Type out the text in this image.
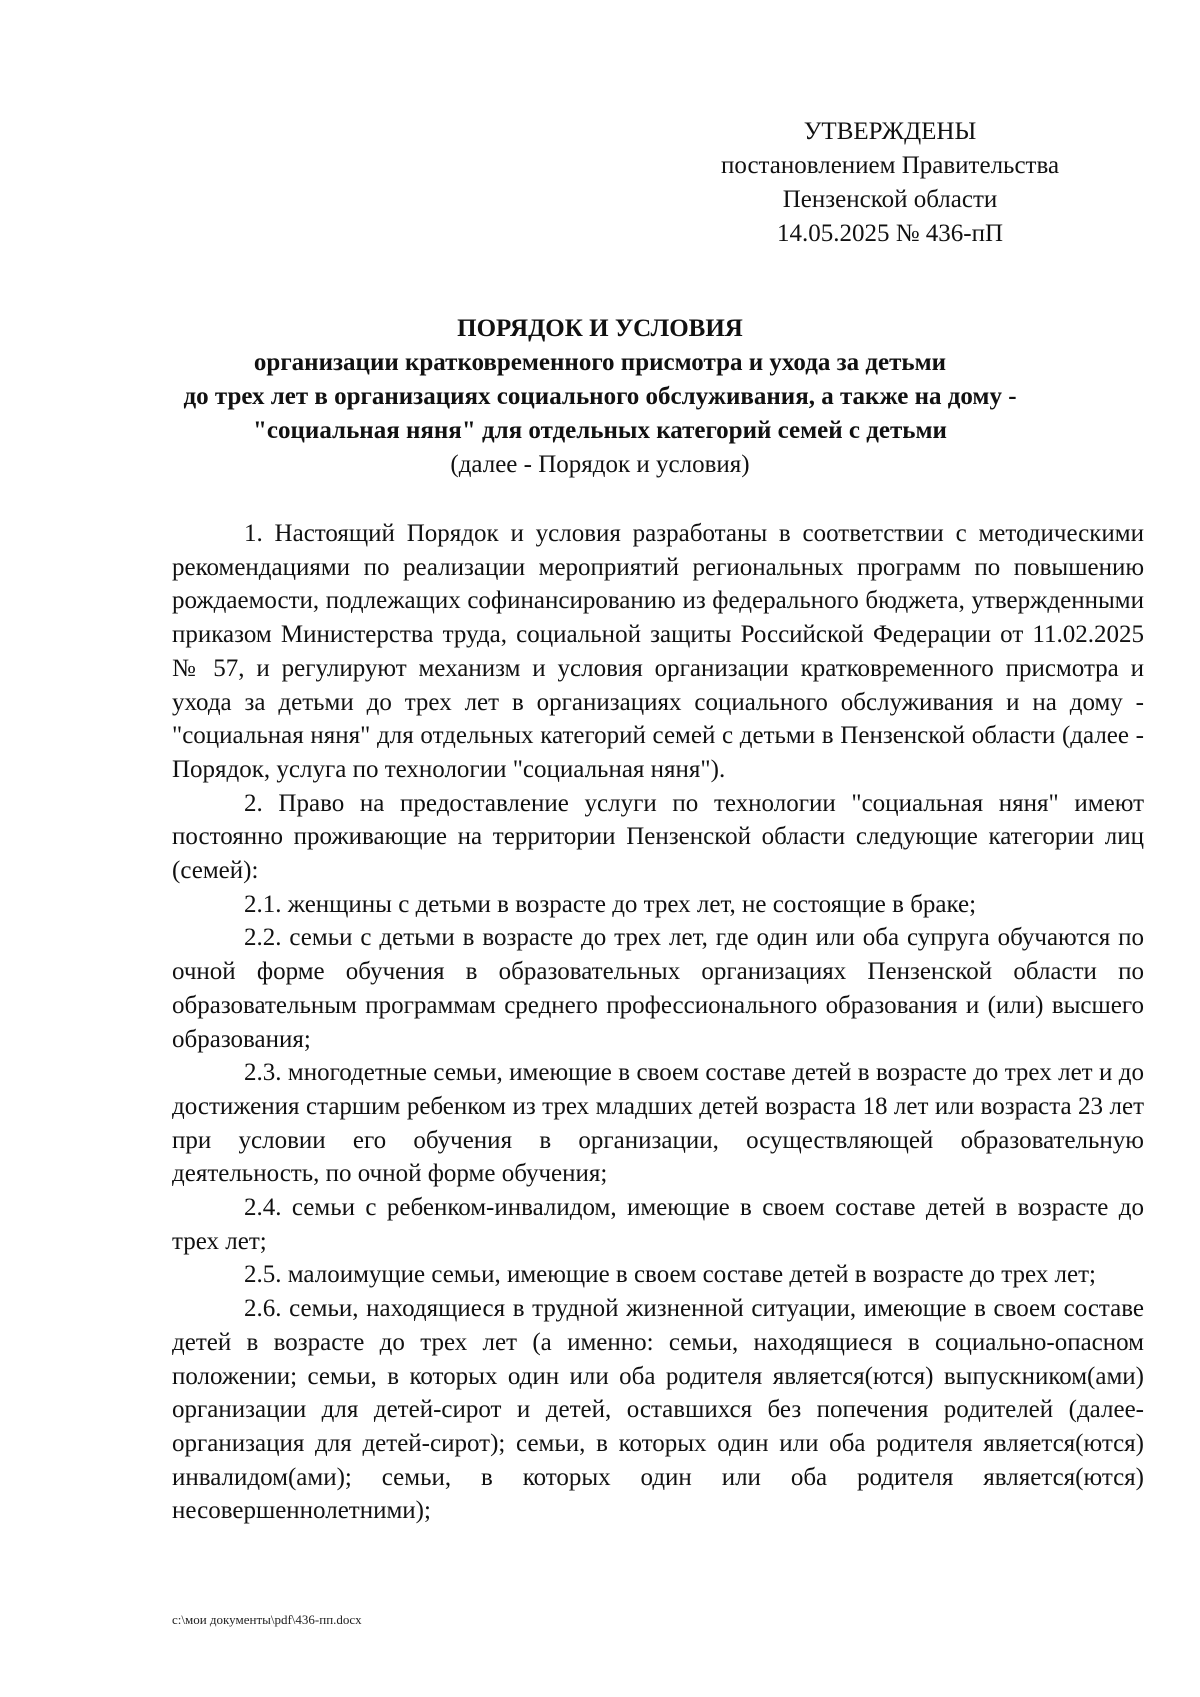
УТВЕРЖДЕНЫ
постановлением Правительства
Пензенской области
14.05.2025 № 436-пП
ПОРЯДОК И УСЛОВИЯ
организации кратковременного присмотра и ухода за детьми
до трех лет в организациях социального обслуживания, а также на дому -
"социальная няня" для отдельных категорий семей с детьми
(далее - Порядок и условия)

1. Настоящий Порядок и условия разработаны в соответствии с методическими рекомендациями по реализации мероприятий региональных программ по повышению рождаемости, подлежащих софинансированию из федерального бюджета, утвержденными приказом Министерства труда, социальной защиты Российской Федерации от 11.02.2025 № 57, и регулируют механизм и условия организации кратковременного присмотра и ухода за детьми до трех лет в организациях социального обслуживания и на дому - "социальная няня" для отдельных категорий семей с детьми в Пензенской области (далее - Порядок, услуга по технологии "социальная няня").

2. Право на предоставление услуги по технологии "социальная няня" имеют постоянно проживающие на территории Пензенской области следующие категории лиц (семей):

2.1. женщины с детьми в возрасте до трех лет, не состоящие в браке;

2.2. семьи с детьми в возрасте до трех лет, где один или оба супруга обучаются по очной форме обучения в образовательных организациях Пензенской области по образовательным программам среднего профессионального образования и (или) высшего образования;

2.3. многодетные семьи, имеющие в своем составе детей в возрасте до трех лет и до достижения старшим ребенком из трех младших детей возраста 18 лет или возраста 23 лет при условии его обучения в организации, осуществляющей образовательную деятельность, по очной форме обучения;

2.4. семьи с ребенком-инвалидом, имеющие в своем составе детей в возрасте до трех лет;

2.5. малоимущие семьи, имеющие в своем составе детей в возрасте до трех лет;

2.6. семьи, находящиеся в трудной жизненной ситуации, имеющие в своем составе детей в возрасте до трех лет (а именно: семьи, находящиеся в социально-опасном положении; семьи, в которых один или оба родителя является(ются) выпускником(ами) организации для детей-сирот и детей, оставшихся без попечения родителей (далее-организация для детей-сирот); семьи, в которых один или оба родителя является(ются) инвалидом(ами); семьи, в которых один или оба родителя является(ются) несовершеннолетними);

c:\мои документы\pdf\436-пп.docx
